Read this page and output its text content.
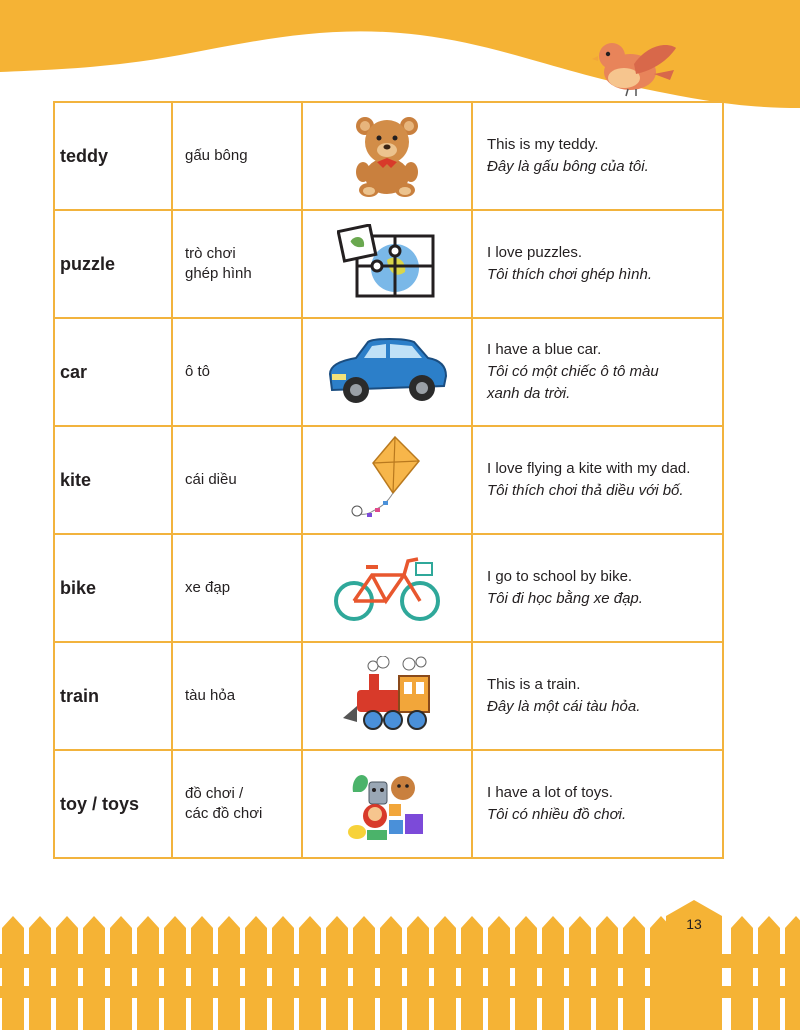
teddy	gấu bông		This is my teddy.
Đây là gấu bông của tôi.

puzzle	trò chơi
ghép hình		I love puzzles.
Tôi thích chơi ghép hình.

car	ô tô		I have a blue car.
Tôi có một chiếc ô tô màu
xanh da trời.

kite	cái diều		I love flying a kite with my dad.
Tôi thích chơi thả diều với bố.

bike	xe đạp		I go to school by bike.
Tôi đi học bằng xe đạp.

train	tàu hỏa		This is a train.
Đây là một cái tàu hỏa.

toy / toys	đồ chơi /
các đồ chơi		I have a lot of toys.
Tôi có nhiều đồ chơi.
13
